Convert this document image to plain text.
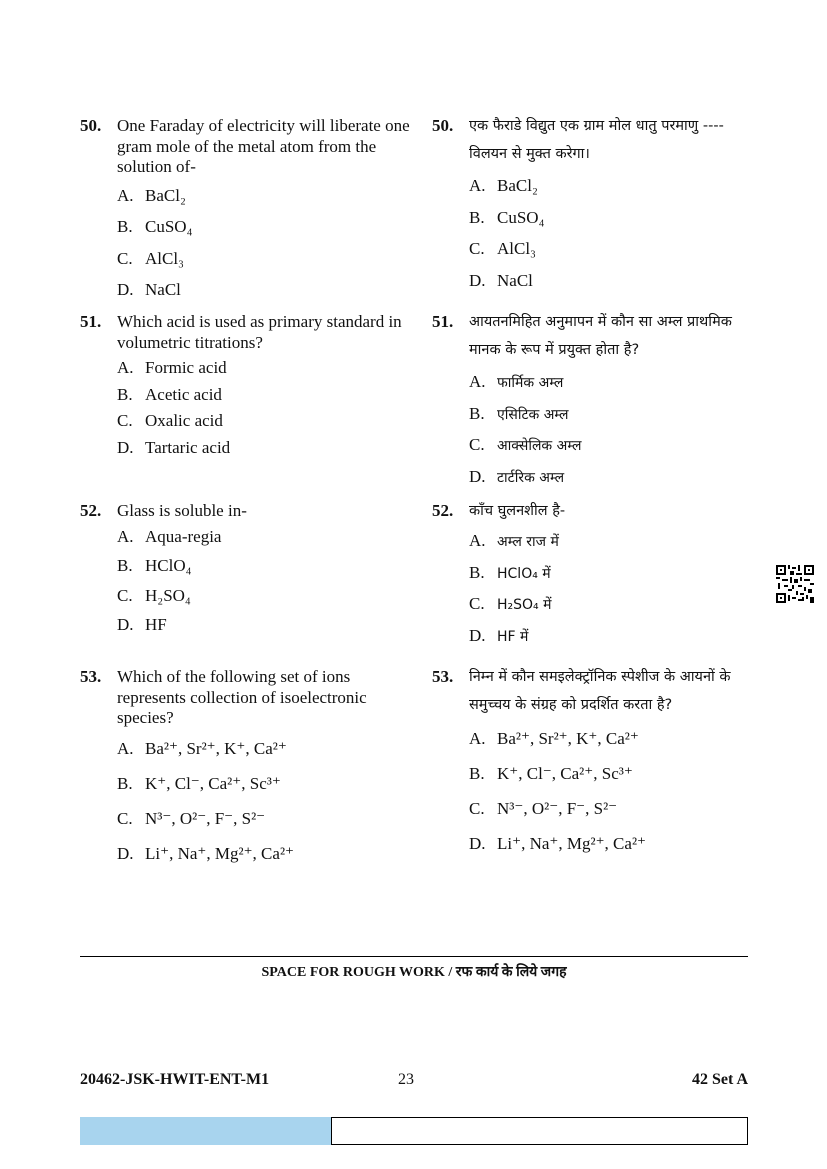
50. One Faraday of electricity will liberate one gram mole of the metal atom from the solution of-
A. BaCl₂
B. CuSO₄
C. AlCl₃
D. NaCl
51. Which acid is used as primary standard in volumetric titrations?
A. Formic acid
B. Acetic acid
C. Oxalic acid
D. Tartaric acid
52. Glass is soluble in-
A. Aqua-regia
B. HClO₄
C. H₂SO₄
D. HF
53. Which of the following set of ions represents collection of isoelectronic species?
A. Ba²⁺, Sr²⁺, K⁺, Ca²⁺
B. K⁺, Cl⁻, Ca²⁺, Sc³⁺
C. N³⁻, O²⁻, F⁻, S²⁻
D. Li⁺, Na⁺, Mg²⁺, Ca²⁺
50. एक फैराडे विद्युत एक ग्राम मोल धातु परमाणु ---- विलयन से मुक्त करेगा।
A. BaCl₂
B. CuSO₄
C. AlCl₃
D. NaCl
51. आयतनमिहित अनुमापन में कौन सा अम्ल प्राथमिक मानक के रूप में प्रयुक्त होता है?
A. फार्मिक अम्ल
B. एसिटिक अम्ल
C. आक्सेलिक अम्ल
D. टार्टरिक अम्ल
52. काँच घुलनशील है-
A. अम्ल राज में
B. HClO₄ में
C. H₂SO₄ में
D. HF में
53. निम्न में कौन समइलेक्ट्रॉनिक स्पेशीज के आयनों के समुच्चय के संग्रह को प्रदर्शित करता है?
A. Ba²⁺, Sr²⁺, K⁺, Ca²⁺
B. K⁺, Cl⁻, Ca²⁺, Sc³⁺
C. N³⁻, O²⁻, F⁻, S²⁻
D. Li⁺, Na⁺, Mg²⁺, Ca²⁺
SPACE FOR ROUGH WORK / रफ कार्य के लिये जगह
20462-JSK-HWIT-ENT-M1	23	42 Set A
